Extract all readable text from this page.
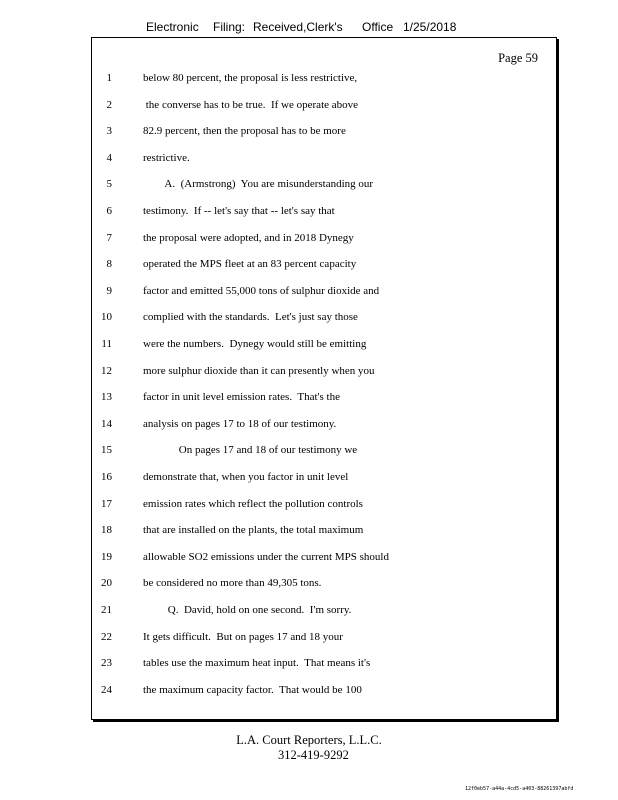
Electronic Filing: Received,Clerk's Office 1/25/2018
Page 59
1	below 80 percent, the proposal is less restrictive,
2	the converse has to be true.  If we operate above
3	82.9 percent, then the proposal has to be more
4	restrictive.
5	A.  (Armstrong)  You are misunderstanding our
6	testimony.  If -- let's say that -- let's say that
7	the proposal were adopted, and in 2018 Dynegy
8	operated the MPS fleet at an 83 percent capacity
9	factor and emitted 55,000 tons of sulphur dioxide and
10	complied with the standards.  Let's just say those
11	were the numbers.  Dynegy would still be emitting
12	more sulphur dioxide than it can presently when you
13	factor in unit level emission rates.  That's the
14	analysis on pages 17 to 18 of our testimony.
15	On pages 17 and 18 of our testimony we
16	demonstrate that, when you factor in unit level
17	emission rates which reflect the pollution controls
18	that are installed on the plants, the total maximum
19	allowable SO2 emissions under the current MPS should
20	be considered no more than 49,305 tons.
21	Q.  David, hold on one second.  I'm sorry.
22	It gets difficult.  But on pages 17 and 18 your
23	tables use the maximum heat input.  That means it's
24	the maximum capacity factor.  That would be 100
L.A. Court Reporters, L.L.C.
312-419-9292
12f0eb57-a44a-4cd5-a403-88261397abfd
